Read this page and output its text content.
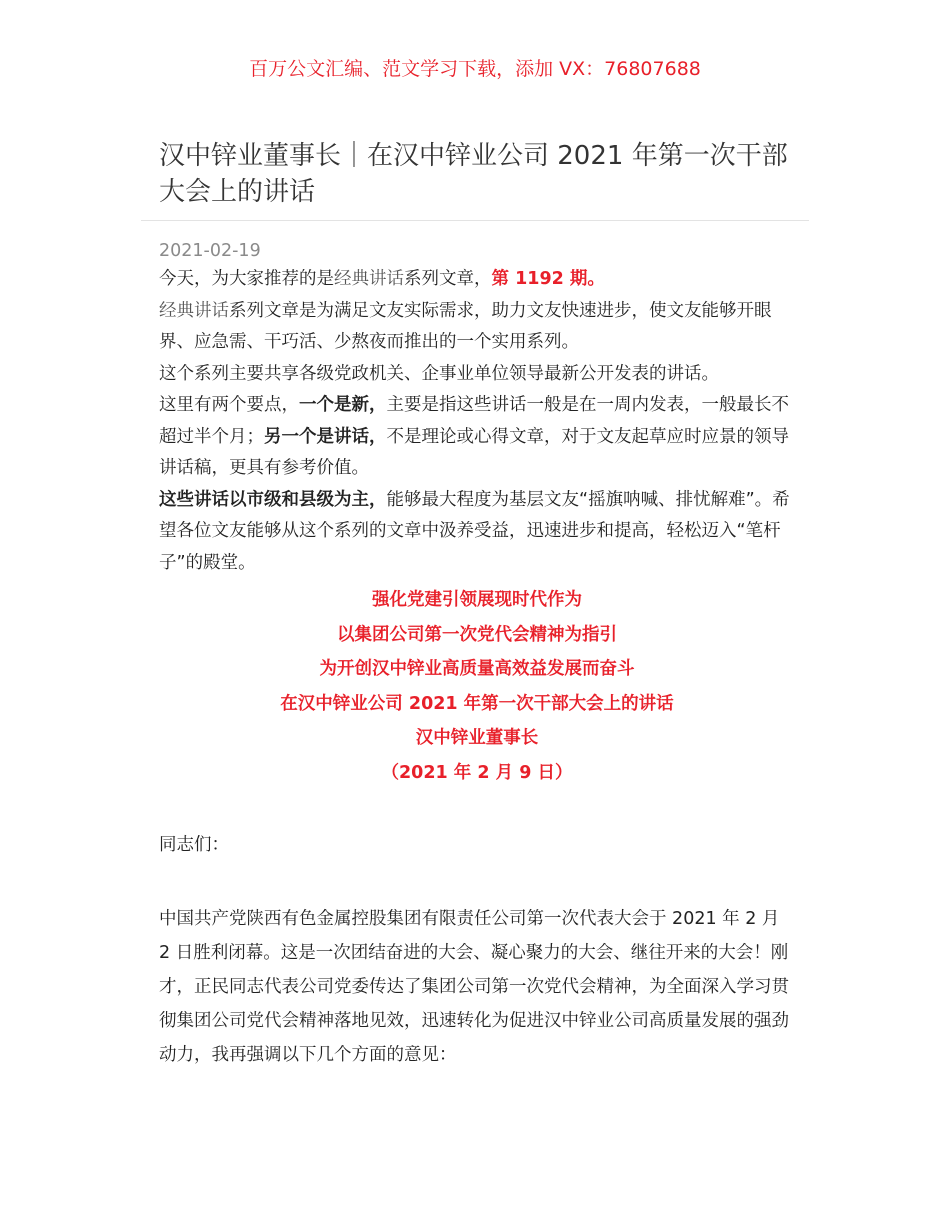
百万公文汇编、范文学习下载，添加 VX：76807688
汉中锌业董事长｜在汉中锌业公司 2021 年第一次干部大会上的讲话
2021-02-19

今天，为大家推荐的是经典讲话系列文章，第 1192 期。

经典讲话系列文章是为满足文友实际需求，助力文友快速进步，使文友能够开眼界、应急需、干巧活、少熬夜而推出的一个实用系列。

这个系列主要共享各级党政机关、企事业单位领导最新公开发表的讲话。

这里有两个要点，一个是新，主要是指这些讲话一般是在一周内发表，一般最长不超过半个月；另一个是讲话，不是理论或心得文章，对于文友起草应时应景的领导讲话稿，更具有参考价值。

这些讲话以市级和县级为主，能够最大程度为基层文友“摇旗呐喊、排忧解难”。希望各位文友能够从这个系列的文章中汲养受益，迅速进步和提高，轻松迈入“笔杆子”的殿堂。

强化党建引领展现时代作为
以集团公司第一次党代会精神为指引
为开创汉中锌业高质量高效益发展而奋斗
在汉中锌业公司 2021 年第一次干部大会上的讲话
汉中锌业董事长
（2021 年 2 月 9 日）

同志们：

中国共产党陕西有色金属控股集团有限责任公司第一次代表大会于 2021 年 2 月 2 日胜利闭幕。这是一次团结奋进的大会、凝心聚力的大会、继往开来的大会！刚才，正民同志代表公司党委传达了集团公司第一次党代会精神，为全面深入学习贯彻集团公司党代会精神落地见效，迅速转化为促进汉中锌业公司高质量发展的强劲动力，我再强调以下几个方面的意见：
